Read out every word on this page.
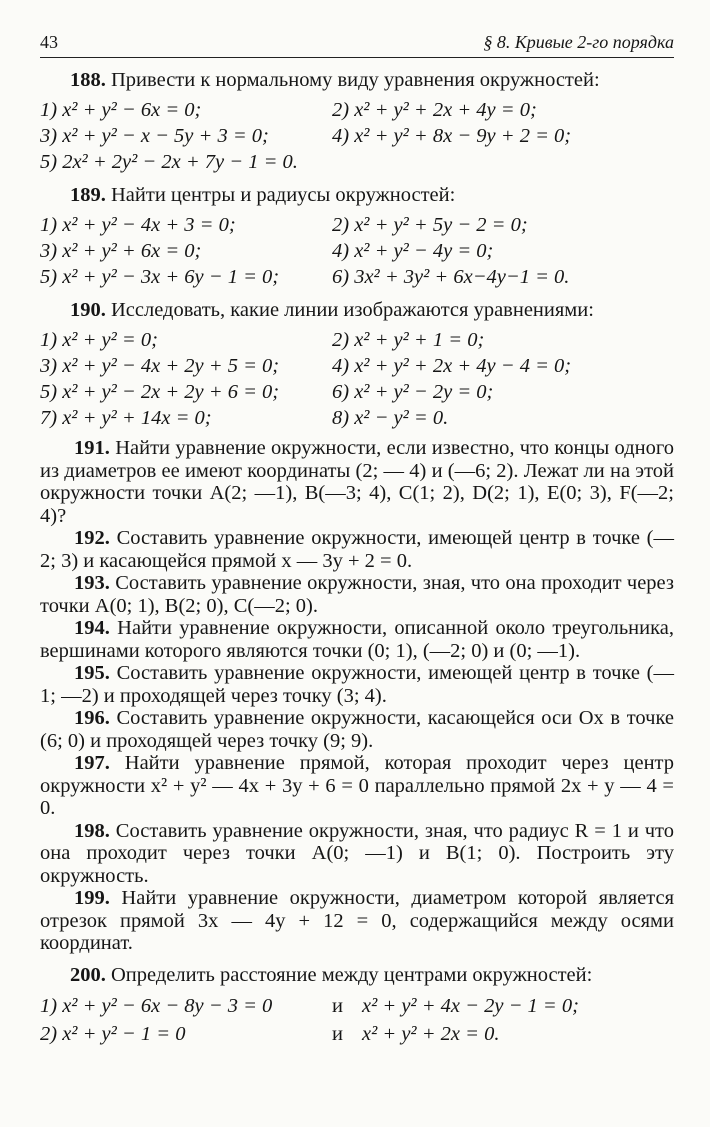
43	§ 8. Кривые 2-го порядка
188. Привести к нормальному виду уравнения окружностей:
1) x² + y² − 6x = 0;	2) x² + y² + 2x + 4y = 0;
3) x² + y² − x − 5y + 3 = 0;	4) x² + y² + 8x − 9y + 2 = 0;
5) 2x² + 2y² − 2x + 7y − 1 = 0.
189. Найти центры и радиусы окружностей:
1) x² + y² − 4x + 3 = 0;	2) x² + y² + 5y − 2 = 0;
3) x² + y² + 6x = 0;	4) x² + y² − 4y = 0;
5) x² + y² − 3x + 6y − 1 = 0;	6) 3x² + 3y² + 6x−4y−1 = 0.
190. Исследовать, какие линии изображаются уравнениями:
1) x² + y² = 0;	2) x² + y² + 1 = 0;
3) x² + y² − 4x + 2y + 5 = 0;	4) x² + y² + 2x + 4y − 4 = 0;
5) x² + y² − 2x + 2y + 6 = 0;	6) x² + y² − 2y = 0;
7) x² + y² + 14x = 0;	8) x² − y² = 0.

191. Найти уравнение окружности, если известно, что концы одного из диаметров ее имеют координаты (2; — 4) и (—6; 2). Лежат ли на этой окружности точки A(2; —1), B(—3; 4), C(1; 2), D(2; 1), E(0; 3), F(—2; 4)?

192. Составить уравнение окружности, имеющей центр в точке (—2; 3) и касающейся прямой x — 3y + 2 = 0.

193. Составить уравнение окружности, зная, что она проходит через точки A(0; 1), B(2; 0), C(—2; 0).

194. Найти уравнение окружности, описанной около треугольника, вершинами которого являются точки (0; 1), (—2; 0) и (0; —1).

195. Составить уравнение окружности, имеющей центр в точке (—1; —2) и проходящей через точку (3; 4).

196. Составить уравнение окружности, касающейся оси Ox в точке (6; 0) и проходящей через точку (9; 9).

197. Найти уравнение прямой, которая проходит через центр окружности x² + y² — 4x + 3y + 6 = 0 параллельно прямой 2x + y — 4 = 0.

198. Составить уравнение окружности, зная, что радиус R = 1 и что она проходит через точки A(0; —1) и B(1; 0). Построить эту окружность.

199. Найти уравнение окружности, диаметром которой является отрезок прямой 3x — 4y + 12 = 0, содержащийся между осями координат.

200. Определить расстояние между центрами окружностей:
1) x² + y² − 6x − 8y − 3 = 0	и x² + y² + 4x − 2y − 1 = 0;
2) x² + y² − 1 = 0	и x² + y² + 2x = 0.
